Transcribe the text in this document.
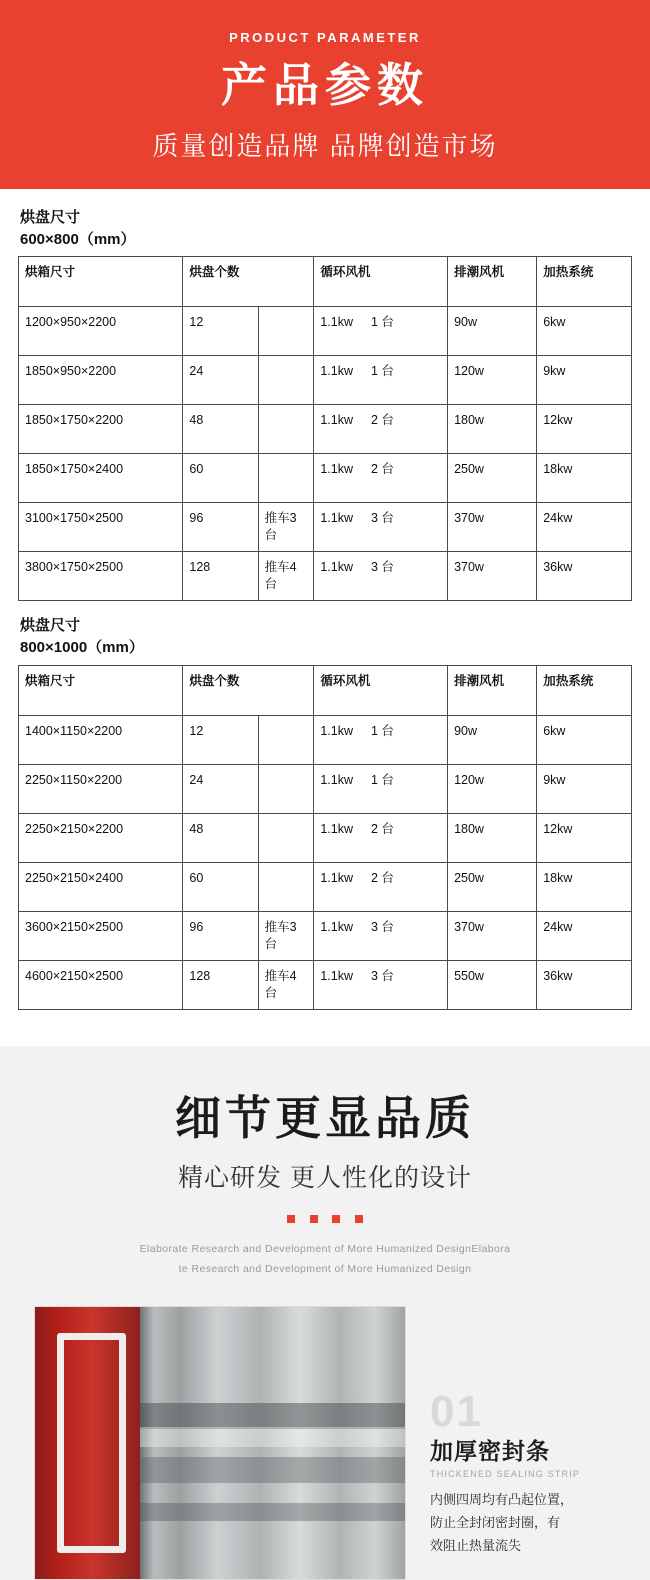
PRODUCT PARAMETER
产品参数
质量创造品牌 品牌创造市场
烘盘尺寸
600×800（mm）
烘箱尺寸	烘盘个数		循环风机	排潮风机	加热系统
1200×950×2200	12		1.1kw 1 台	90w	6kw
1850×950×2200	24		1.1kw 1 台	120w	9kw
1850×1750×2200	48		1.1kw 2 台	180w	12kw
1850×1750×2400	60		1.1kw 2 台	250w	18kw
3100×1750×2500	96	推车3台	1.1kw 3 台	370w	24kw
3800×1750×2500	128	推车4台	1.1kw 3 台	370w	36kw
烘盘尺寸
800×1000（mm）
烘箱尺寸	烘盘个数		循环风机	排潮风机	加热系统
1400×1150×2200	12		1.1kw 1 台	90w	6kw
2250×1150×2200	24		1.1kw 1 台	120w	9kw
2250×2150×2200	48		1.1kw 2 台	180w	12kw
2250×2150×2400	60		1.1kw 2 台	250w	18kw
3600×2150×2500	96	推车3台	1.1kw 3 台	370w	24kw
4600×2150×2500	128	推车4台	1.1kw 3 台	550w	36kw
细节更显品质
精心研发 更人性化的设计

Elaborate Research and Development of More Humanized DesignElabora
te Research and Development of More Humanized Design
01
加厚密封条
THICKENED SEALING STRIP
内侧四周均有凸起位置，
防止全封闭密封圈，有
效阻止热量流失
